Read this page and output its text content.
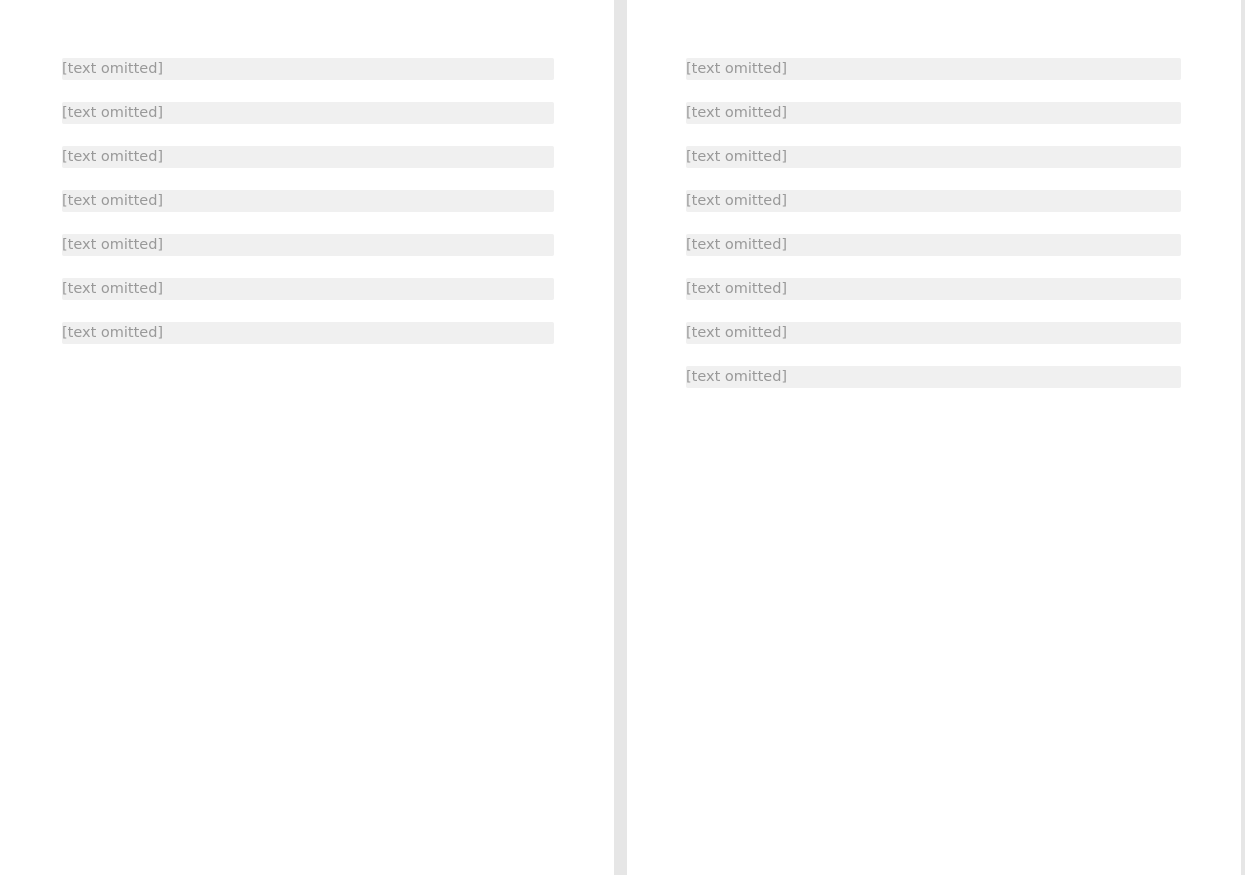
[text omitted]

[text omitted]

[text omitted]

[text omitted]

[text omitted]

[text omitted]

[text omitted]

[text omitted]

[text omitted]

[text omitted]

[text omitted]

[text omitted]

[text omitted]

[text omitted]

[text omitted]
